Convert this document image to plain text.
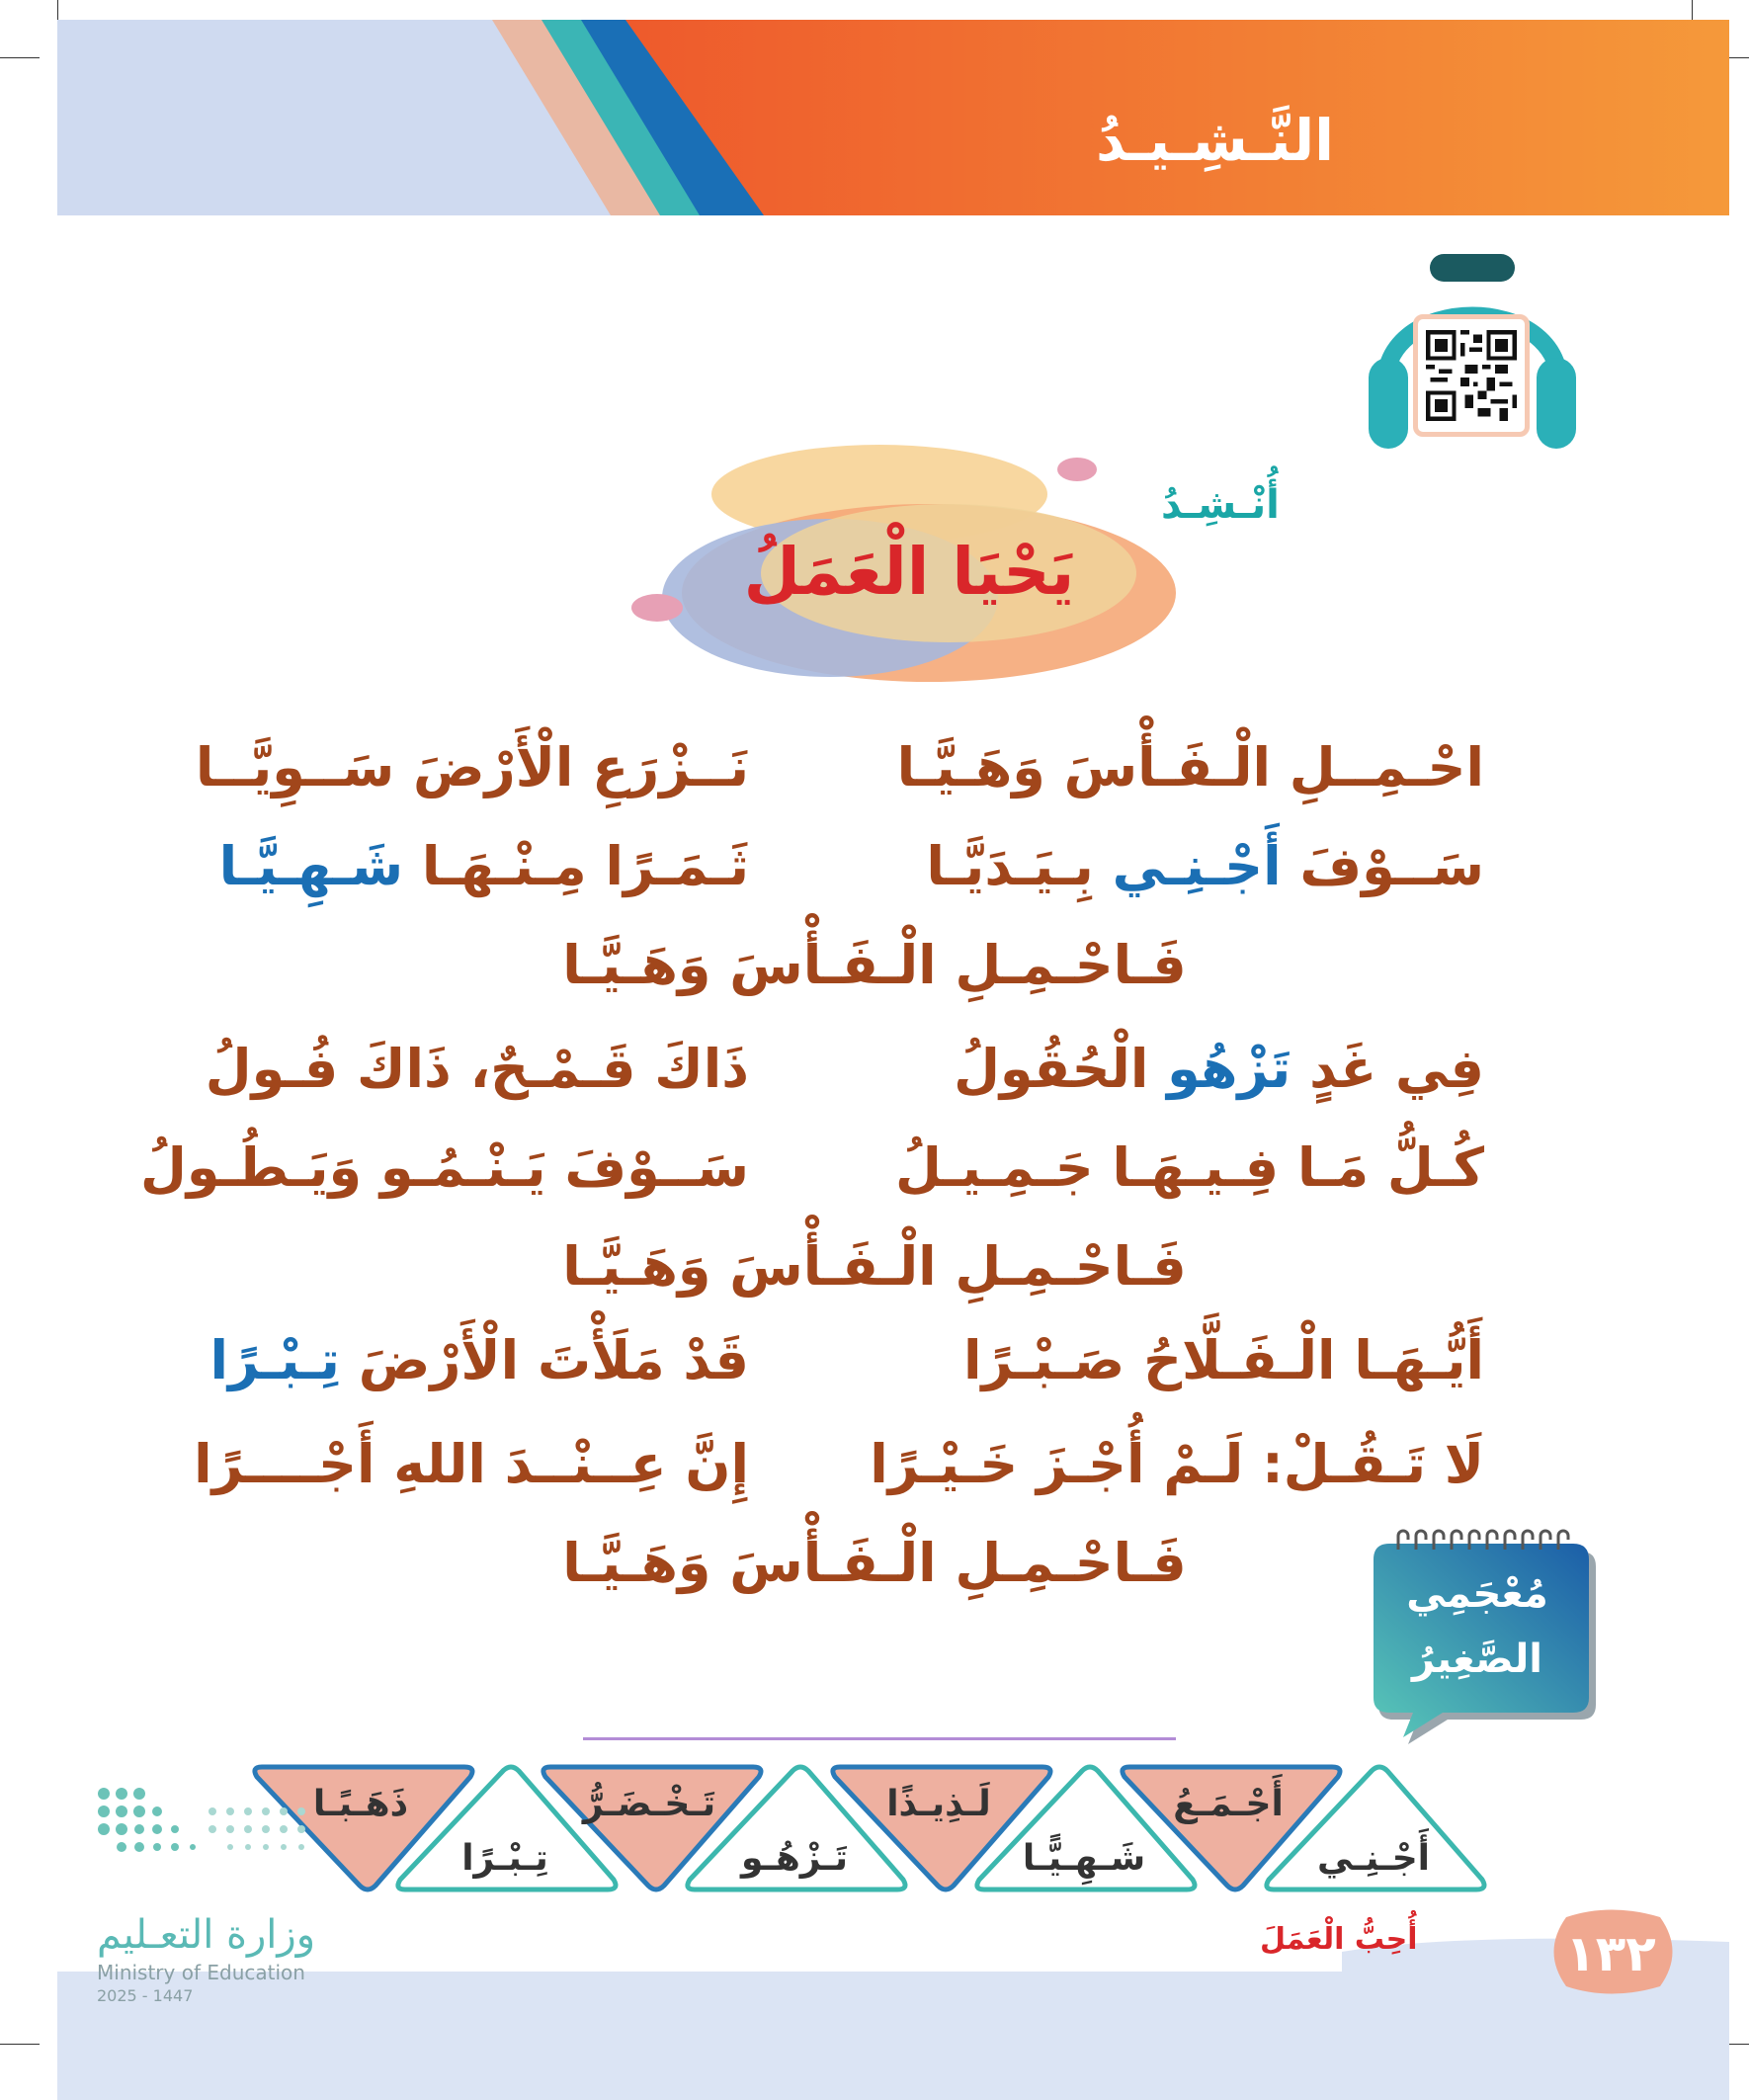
النَّـشِـيـدُ
يَحْيَا الْعَمَلُ
أُنْـشِـدُ
احْـمِــلِ الْـفَـأْسَ وَهَـيَّـا
نَــزْرَعِ الْأَرْضَ سَــوِيَّــا
سَــوْفَ أَجْـنِـي بِـيَـدَيَّـا
ثَـمَـرًا مِـنْـهَـا شَـهِـيَّـا
فَـاحْـمِـلِ الْـفَـأْسَ وَهَـيَّـا
فِي غَدٍ تَزْهُو الْحُقُولُ
ذَاكَ قَـمْـحٌ، ذَاكَ فُـولُ
كُـلُّ مَـا فِـيـهَـا جَـمِـيـلُ
سَــوْفَ يَـنْـمُـو وَيَـطُـولُ
فَـاحْـمِـلِ الْـفَـأْسَ وَهَـيَّـا
أَيُّـهَـا الْـفَـلَّاحُ صَـبْـرًا
قَدْ مَلَأْتَ الْأَرْضَ تِـبْـرًا
لَا تَـقُـلْ: لَـمْ أُجْـزَ خَـيْـرًا
إِنَّ عِــنْــدَ اللهِ أَجْــــرًا
فَـاحْـمِـلِ الْـفَـأْسَ وَهَـيَّـا	مُعْجَمِي
الصَّغِيرُ
أَجْـنِـي
أَجْـمَـعُ
شَـهِـيًّـا
لَـذِيـذًا
تَـزْهُـو
تَـخْـضَـرُّ
تِـبْـرًا
ذَهَـبًـا
١٣٢
أُحِبُّ الْعَمَلَ
وزارة التعـليم
Ministry of Education
2025 - 1447
